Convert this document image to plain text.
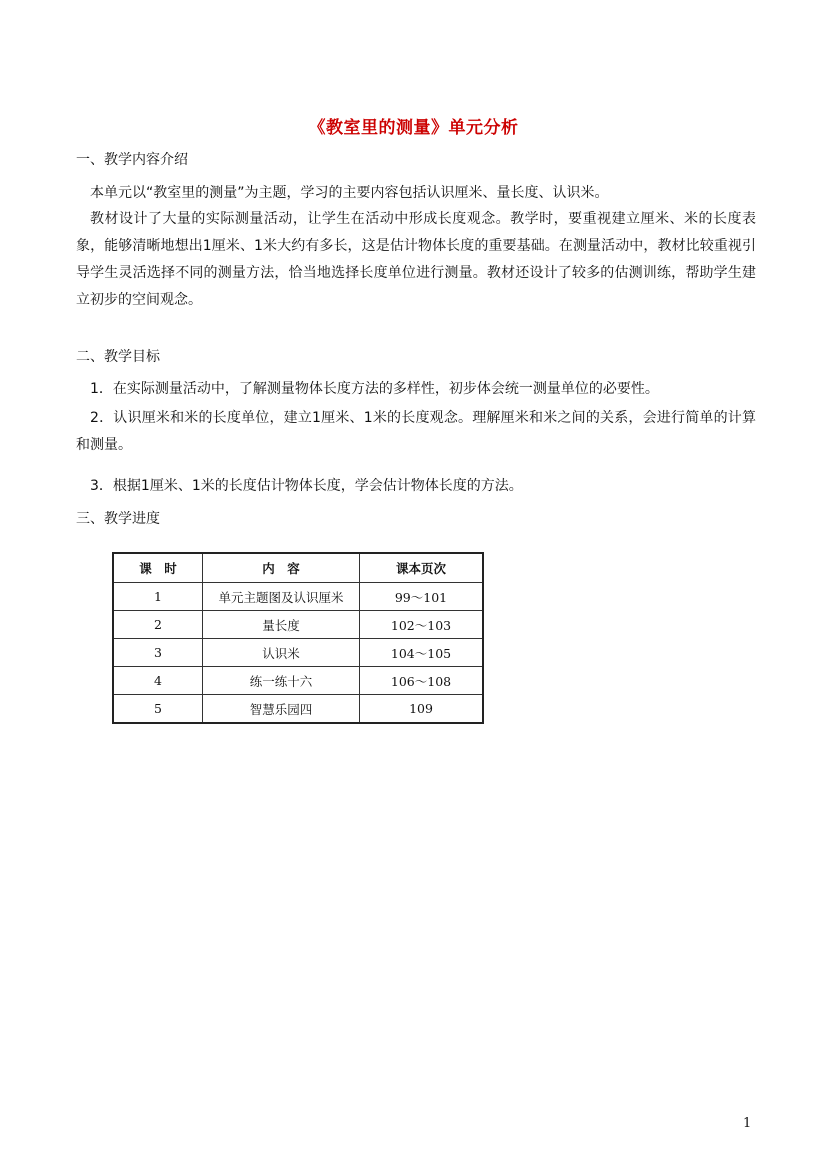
《教室里的测量》单元分析
一、教学内容介绍
本单元以“教室里的测量”为主题，学习的主要内容包括认识厘米、量长度、认识米。
教材设计了大量的实际测量活动，让学生在活动中形成长度观念。教学时，要重视建立厘米、米的长度表象，能够清晰地想出1厘米、1米大约有多长，这是估计物体长度的重要基础。在测量活动中，教材比较重视引导学生灵活选择不同的测量方法，恰当地选择长度单位进行测量。教材还设计了较多的估测训练，帮助学生建立初步的空间观念。
二、教学目标
1．在实际测量活动中，了解测量物体长度方法的多样性，初步体会统一测量单位的必要性。
2．认识厘米和米的长度单位，建立1厘米、1米的长度观念。理解厘米和米之间的关系，会进行简单的计算和测量。
3．根据1厘米、1米的长度估计物体长度，学会估计物体长度的方法。
三、教学进度
课　时	内　容	课本页次
1	单元主题图及认识厘米	99～101
2	量长度	102～103
3	认识米	104～105
4	练一练十六	106～108
5	智慧乐园四	109
1
